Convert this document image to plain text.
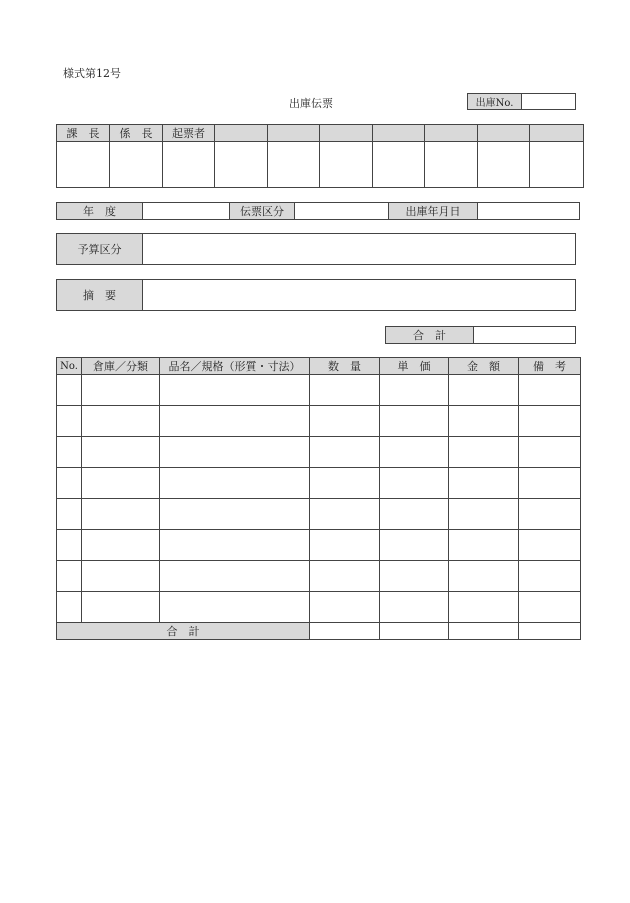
様式第12号
出庫伝票	出庫No.	
課　長	係　長	起票者							

年　度		伝票区分		出庫年月日	
予算区分	
摘　要	
合　計	
No.	倉庫／分類	品名／規格（形質・寸法）	数　量	単　価	金　額	備　考

合　計						
